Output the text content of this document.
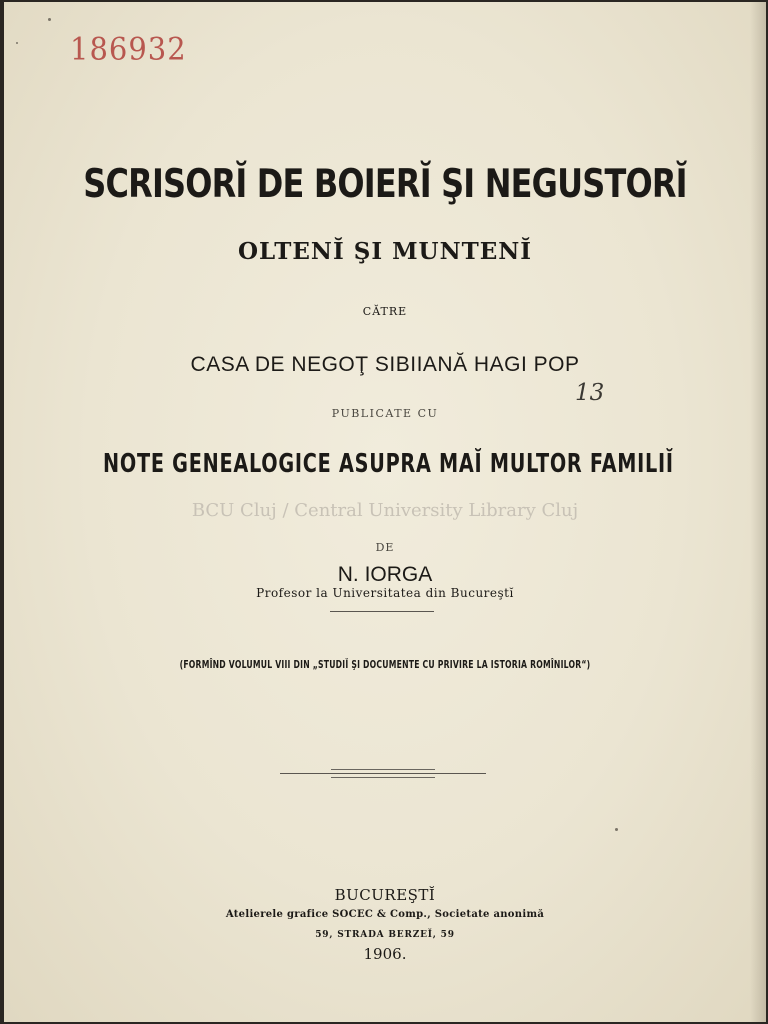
186932
SCRISORĬ DE BOIERĬ ŞI NEGUSTORĬ
OLTENĬ ŞI MUNTENĬ
CĂTRE
CASA DE NEGOŢ SIBIIANĂ HAGI POP
13
PUBLICATE CU
NOTE GENEALOGICE ASUPRA MAĬ MULTOR FAMILIĬ
BCU Cluj / Central University Library Cluj
DE
N. IORGA
Profesor la Universitatea din Bucureştĭ
(FORMÎND VOLUMUL VIII DIN „STUDIĬ ŞI DOCUMENTE CU PRIVIRE LA ISTORIA ROMÎNILOR“)
BUCUREŞTĬ
Atelierele grafice SOCEC & Comp., Societate anonimă
59, STRADA BERZEĬ, 59
1906.
